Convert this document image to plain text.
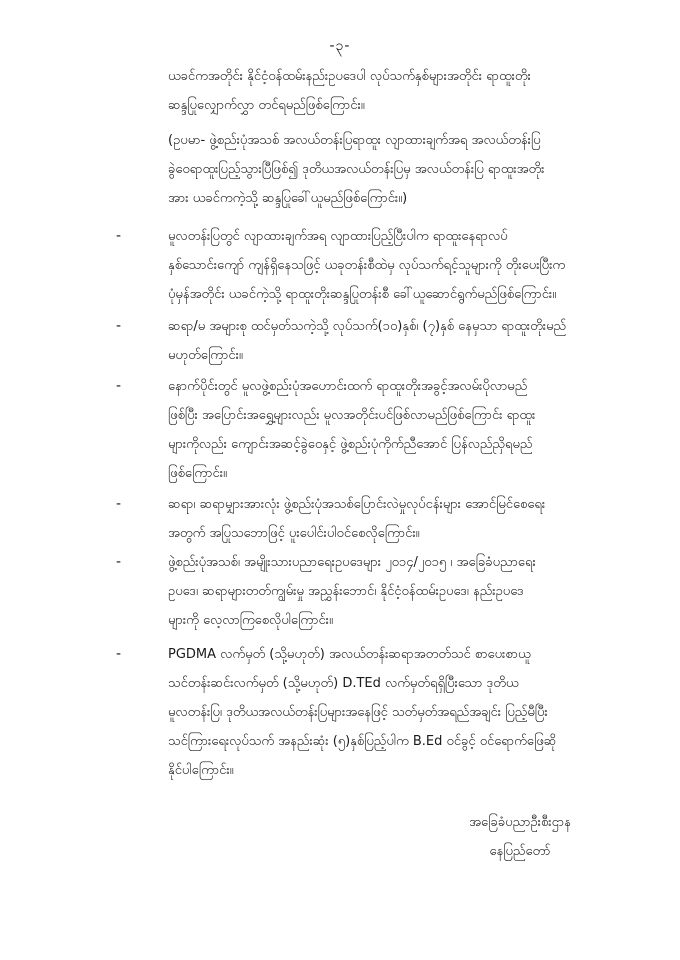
-၃-

ယခင်ကအတိုင်း နိုင်ငံ့ဝန်ထမ်းနည်းဥပဒေပါ လုပ်သက်နှစ်များအတိုင်း ရာထူးတိုး

ဆန္ဒပြုလျှောက်လွှာ တင်ရမည်ဖြစ်ကြောင်း။

(ဥပမာ- ဖွဲ့စည်းပုံအသစ် အလယ်တန်းပြရာထူး လျာထားချက်အရ အလယ်တန်းပြ

ခွဲဝေရာထူးပြည့်သွားပြီဖြစ်၍ ဒုတိယအလယ်တန်းပြမှ အလယ်တန်းပြ ရာထူးအတိုး

အား ယခင်ကကဲ့သို့ ဆန္ဒပြုခေါ်ယူမည်ဖြစ်ကြောင်း။)

-	မူလတန်းပြတွင် လျာထားချက်အရ လျာထားပြည့်ပြီးပါက ရာထူးနေရာလပ်
နှစ်သောင်းကျော် ကျန်ရှိနေသဖြင့် ယခုတန်းစီထဲမှ လုပ်သက်ရင့်သူများကို တိုးပေးပြီးက
ပုံမှန်အတိုင်း ယခင်ကဲ့သို့ ရာထူးတိုးဆန္ဒပြုတန်းစီ ခေါ်ယူဆောင်ရွက်မည်ဖြစ်ကြောင်း။
-	ဆရာ/မ အများစု ထင်မှတ်သကဲ့သို့ လုပ်သက်(၁၀)နှစ်၊ (၇)နှစ် နေမှသာ ရာထူးတိုးမည်
မဟုတ်ကြောင်း။
-	နောက်ပိုင်းတွင် မူလဖွဲ့စည်းပုံအဟောင်းထက် ရာထူးတိုးအခွင့်အလမ်းပိုလာမည်
ဖြစ်ပြီး အပြောင်းအရွှေ့များလည်း မူလအတိုင်းပင်ဖြစ်လာမည်ဖြစ်ကြောင်း ရာထူး
များကိုလည်း ကျောင်းအဆင့်ခွဲဝေနှင့် ဖွဲ့စည်းပုံကိုက်ညီအောင် ပြန်လည်ညှိရမည်
ဖြစ်ကြောင်း။
-	ဆရာ၊ ဆရာမျှားအားလုံး ဖွဲ့စည်းပုံအသစ်ပြောင်းလဲမှုလုပ်ငန်းများ အောင်မြင်စေရေး
အတွက် အပြုသဘောဖြင့် ပူးပေါင်းပါဝင်စေလိုကြောင်း။
-	ဖွဲ့စည်းပုံအသစ်၊ အမျိုးသားပညာရေးဥပဒေများ ၂၀၁၄/၂၀၁၅ ၊ အခြေခံပညာရေး
ဥပဒေ၊ ဆရာများတတ်ကျွမ်းမှု အညွှန်းဘောင်၊ နိုင်ငံ့ဝန်ထမ်းဥပဒေ၊ နည်းဥပဒေ
များကို လေ့လာကြစေလိုပါကြောင်း။
-	PGDMA လက်မှတ် (သို့မဟုတ်) အလယ်တန်းဆရာအတတ်သင် စာပေးစာယူ
သင်တန်းဆင်းလက်မှတ် (သို့မဟုတ်) D.TEd လက်မှတ်ရရှိပြီးသော ဒုတိယ
မူလတန်းပြ၊ ဒုတိယအလယ်တန်းပြများအနေဖြင့် သတ်မှတ်အရည်အချင်း ပြည့်မီပြီး
သင်ကြားရေးလုပ်သက် အနည်းဆုံး (၅)နှစ်ပြည့်ပါက B.Ed ဝင်ခွင့် ဝင်ရောက်ဖြေဆို
နိုင်ပါကြောင်း။
အခြေခံပညာဦးစီးဌာန
နေပြည်တော်
